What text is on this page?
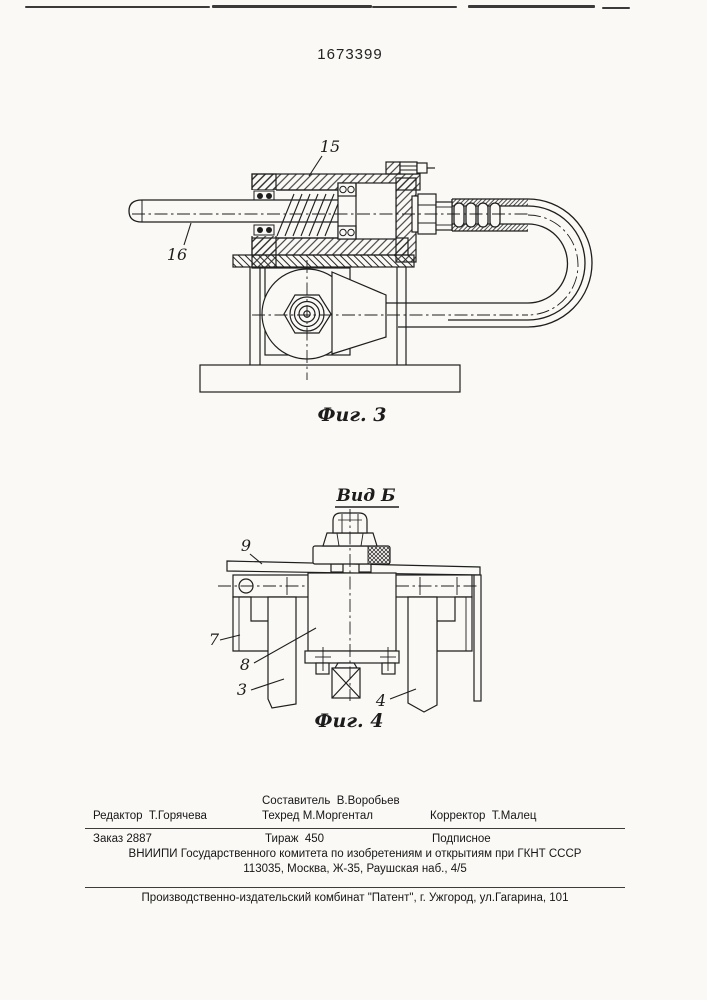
1673399
15
16
Фиг. 3
Вид Б
9
7
8
3
4
Фиг. 4
Составитель  В.Воробьев
Редактор  Т.Горячева	Техред М.Моргентал	Корректор  Т.Малец
Заказ 2887	Тираж  450	Подписное
ВНИИПИ Государственного комитета по изобретениям и открытиям при ГКНТ СССР
113035, Москва, Ж-35, Раушская наб., 4/5
Производственно-издательский комбинат "Патент", г. Ужгород, ул.Гагарина, 101
